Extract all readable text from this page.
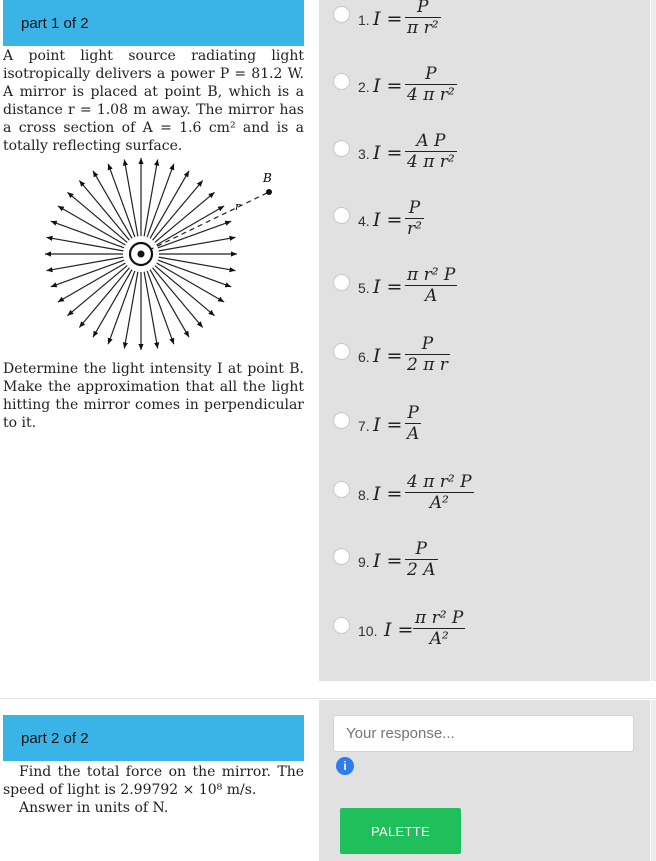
part 1 of 2
A point light source radiating light isotropically delivers a power P = 81.2 W. A mirror is placed at point B, which is a distance r = 1.08 m away. The mirror has a cross section of A = 1.6 cm² and is a totally reflecting surface.
B
r
Determine the light intensity I at point B. Make the approximation that all the light hitting the mirror comes in perpendicular to it.
1. I =
P
π r²
2. I =
P
4 π r²
3. I =
A P
4 π r²
4. I =
P
r²
5. I =
π r² P
A
6. I =
P
2 π r
7. I =
P
A
8. I =
4 π r² P
A²
9. I =
P
2 A
10. I =
π r² P
A²
part 2 of 2
Find the total force on the mirror. The speed of light is 2.99792 × 10⁸ m/s.
Answer in units of N.
Your response...
i
PALETTE
